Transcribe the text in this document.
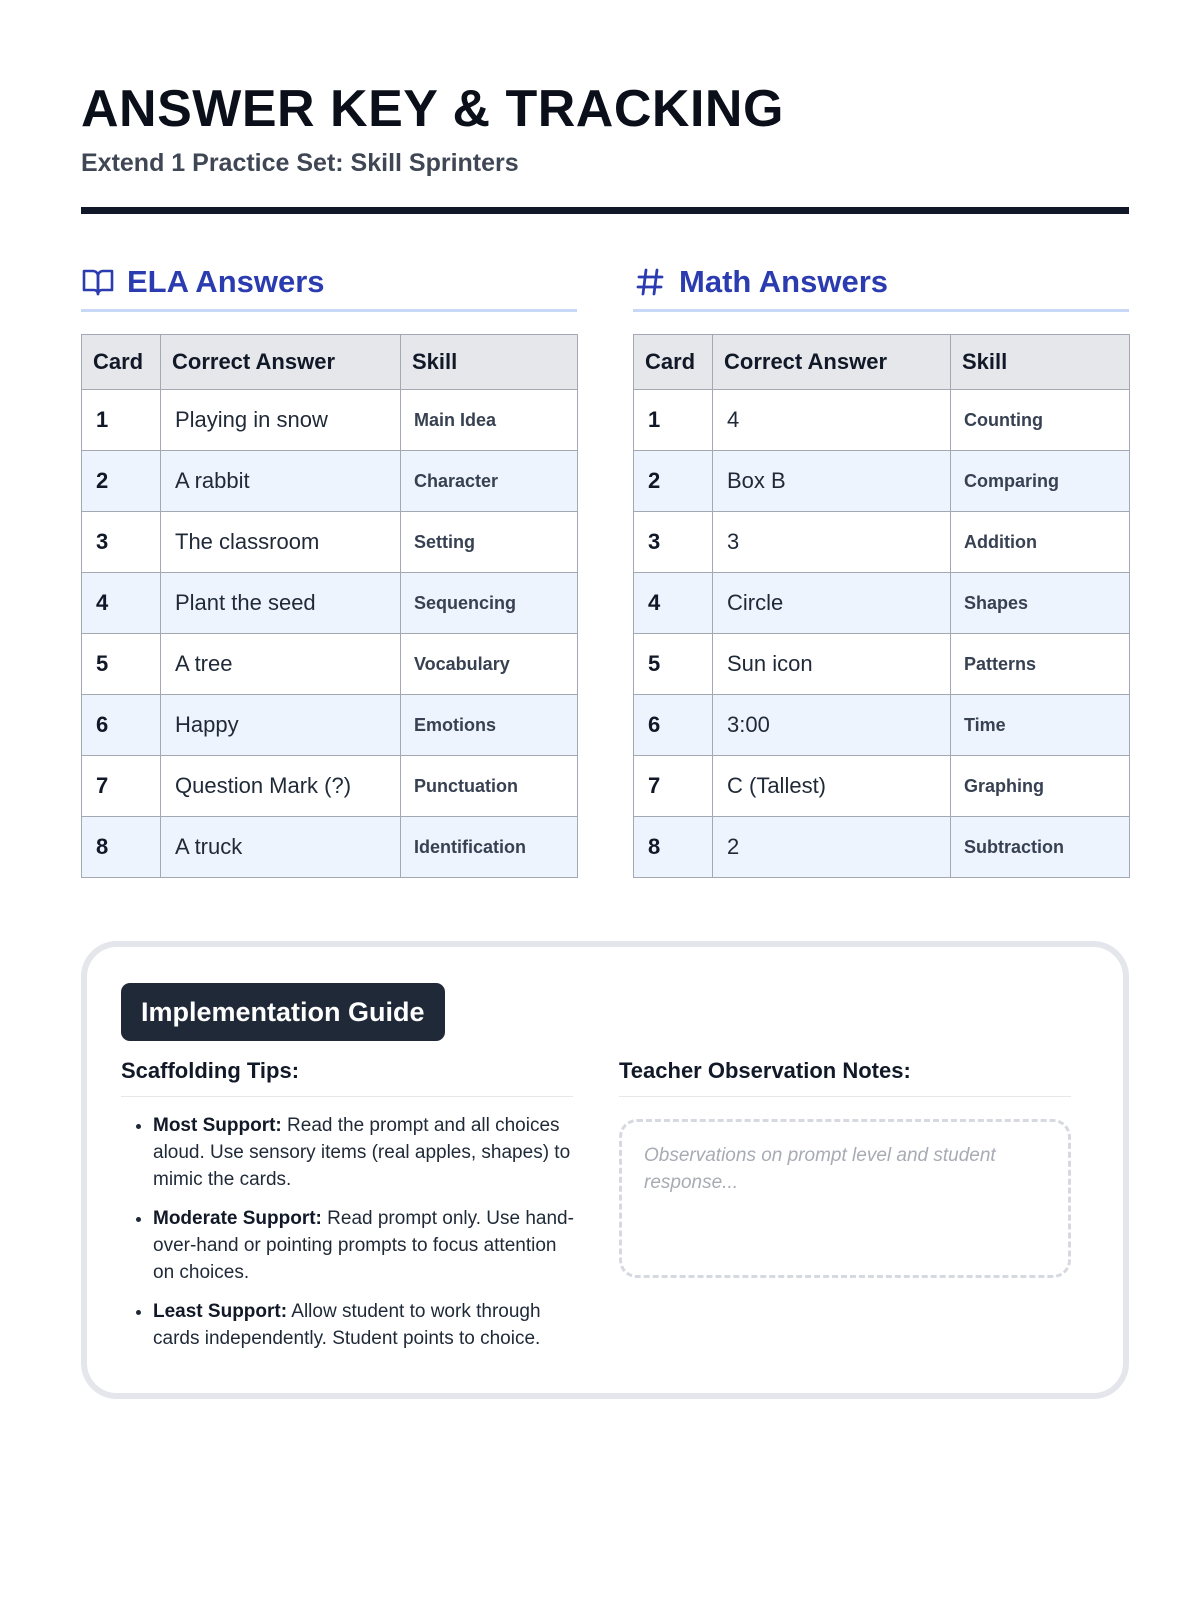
ANSWER KEY & TRACKING
Extend 1 Practice Set: Skill Sprinters
ELA Answers
Card	Correct Answer	Skill
1	Playing in snow	Main Idea
2	A rabbit	Character
3	The classroom	Setting
4	Plant the seed	Sequencing
5	A tree	Vocabulary
6	Happy	Emotions
7	Question Mark (?)	Punctuation
8	A truck	Identification
Math Answers
Card	Correct Answer	Skill
1	4	Counting
2	Box B	Comparing
3	3	Addition
4	Circle	Shapes
5	Sun icon	Patterns
6	3:00	Time
7	C (Tallest)	Graphing
8	2	Subtraction
Implementation Guide
Scaffolding Tips:
• Most Support: Read the prompt and all choices aloud. Use sensory items (real apples, shapes) to mimic the cards.
• Moderate Support: Read prompt only. Use hand-over-hand or pointing prompts to focus attention on choices.
• Least Support: Allow student to work through cards independently. Student points to choice.
Teacher Observation Notes:
Observations on prompt level and student response...
